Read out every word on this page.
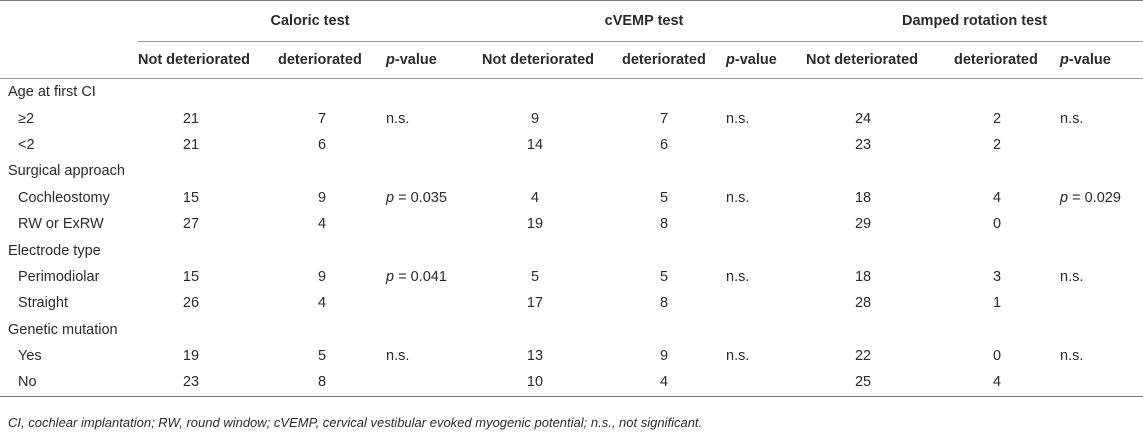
	Caloric test			cVEMP test			Damped rotation test		
	Not deteriorated	deteriorated	p-value	Not deteriorated	deteriorated	p-value	Not deteriorated	deteriorated	p-value
Age at first CI									
≥2	21	7	n.s.	9	7	n.s.	24	2	n.s.
<2	21	6		14	6		23	2	
Surgical approach									
Cochleostomy	15	9	p = 0.035	4	5	n.s.	18	4	p = 0.029
RW or ExRW	27	4		19	8		29	0	
Electrode type									
Perimodiolar	15	9	p = 0.041	5	5	n.s.	18	3	n.s.
Straight	26	4		17	8		28	1	
Genetic mutation									
Yes	19	5	n.s.	13	9	n.s.	22	0	n.s.
No	23	8		10	4		25	4	
CI, cochlear implantation; RW, round window; cVEMP, cervical vestibular evoked myogenic potential; n.s., not significant.
